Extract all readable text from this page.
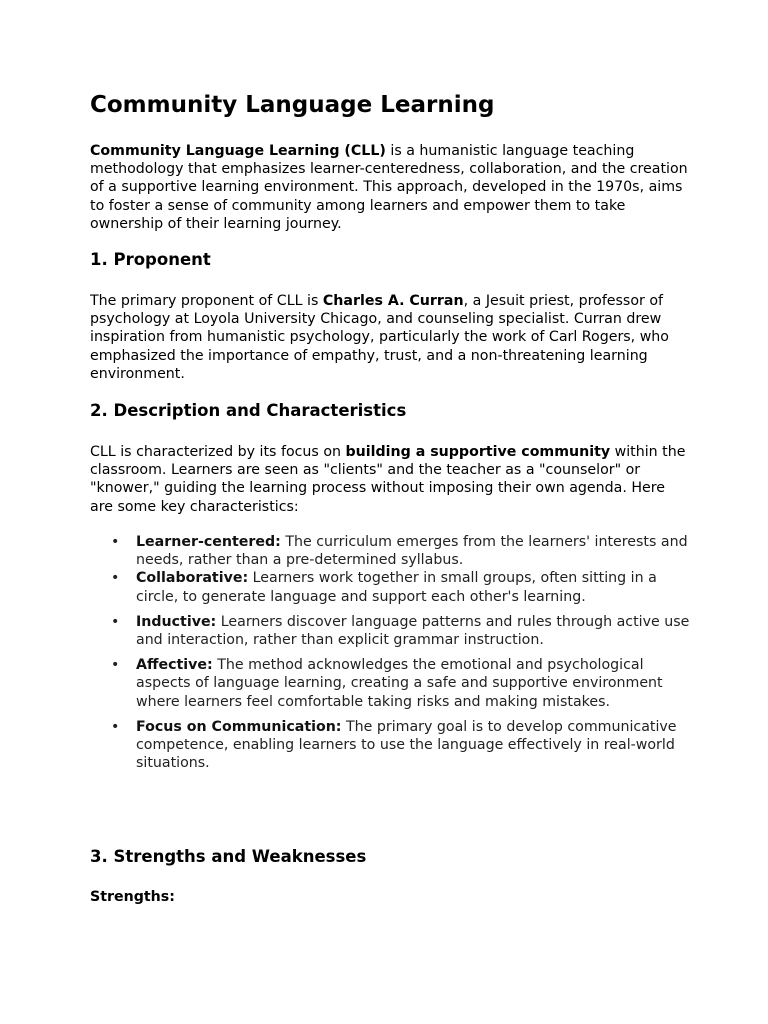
Community Language Learning

Community Language Learning (CLL) is a humanistic language teaching methodology that emphasizes learner-centeredness, collaboration, and the creation of a supportive learning environment. This approach, developed in the 1970s, aims to foster a sense of community among learners and empower them to take ownership of their learning journey.

1. Proponent

The primary proponent of CLL is Charles A. Curran, a Jesuit priest, professor of psychology at Loyola University Chicago, and counseling specialist. Curran drew inspiration from humanistic psychology, particularly the work of Carl Rogers, who emphasized the importance of empathy, trust, and a non-threatening learning environment.

2. Description and Characteristics

CLL is characterized by its focus on building a supportive community within the classroom. Learners are seen as "clients" and the teacher as a "counselor" or "knower," guiding the learning process without imposing their own agenda. Here are some key characteristics:

• Learner-centered: The curriculum emerges from the learners' interests and needs, rather than a pre-determined syllabus.
• Collaborative: Learners work together in small groups, often sitting in a circle, to generate language and support each other's learning.
• Inductive: Learners discover language patterns and rules through active use and interaction, rather than explicit grammar instruction.
• Affective: The method acknowledges the emotional and psychological aspects of language learning, creating a safe and supportive environment where learners feel comfortable taking risks and making mistakes.
• Focus on Communication: The primary goal is to develop communicative competence, enabling learners to use the language effectively in real-world situations.
3. Strengths and Weaknesses
Strengths:
